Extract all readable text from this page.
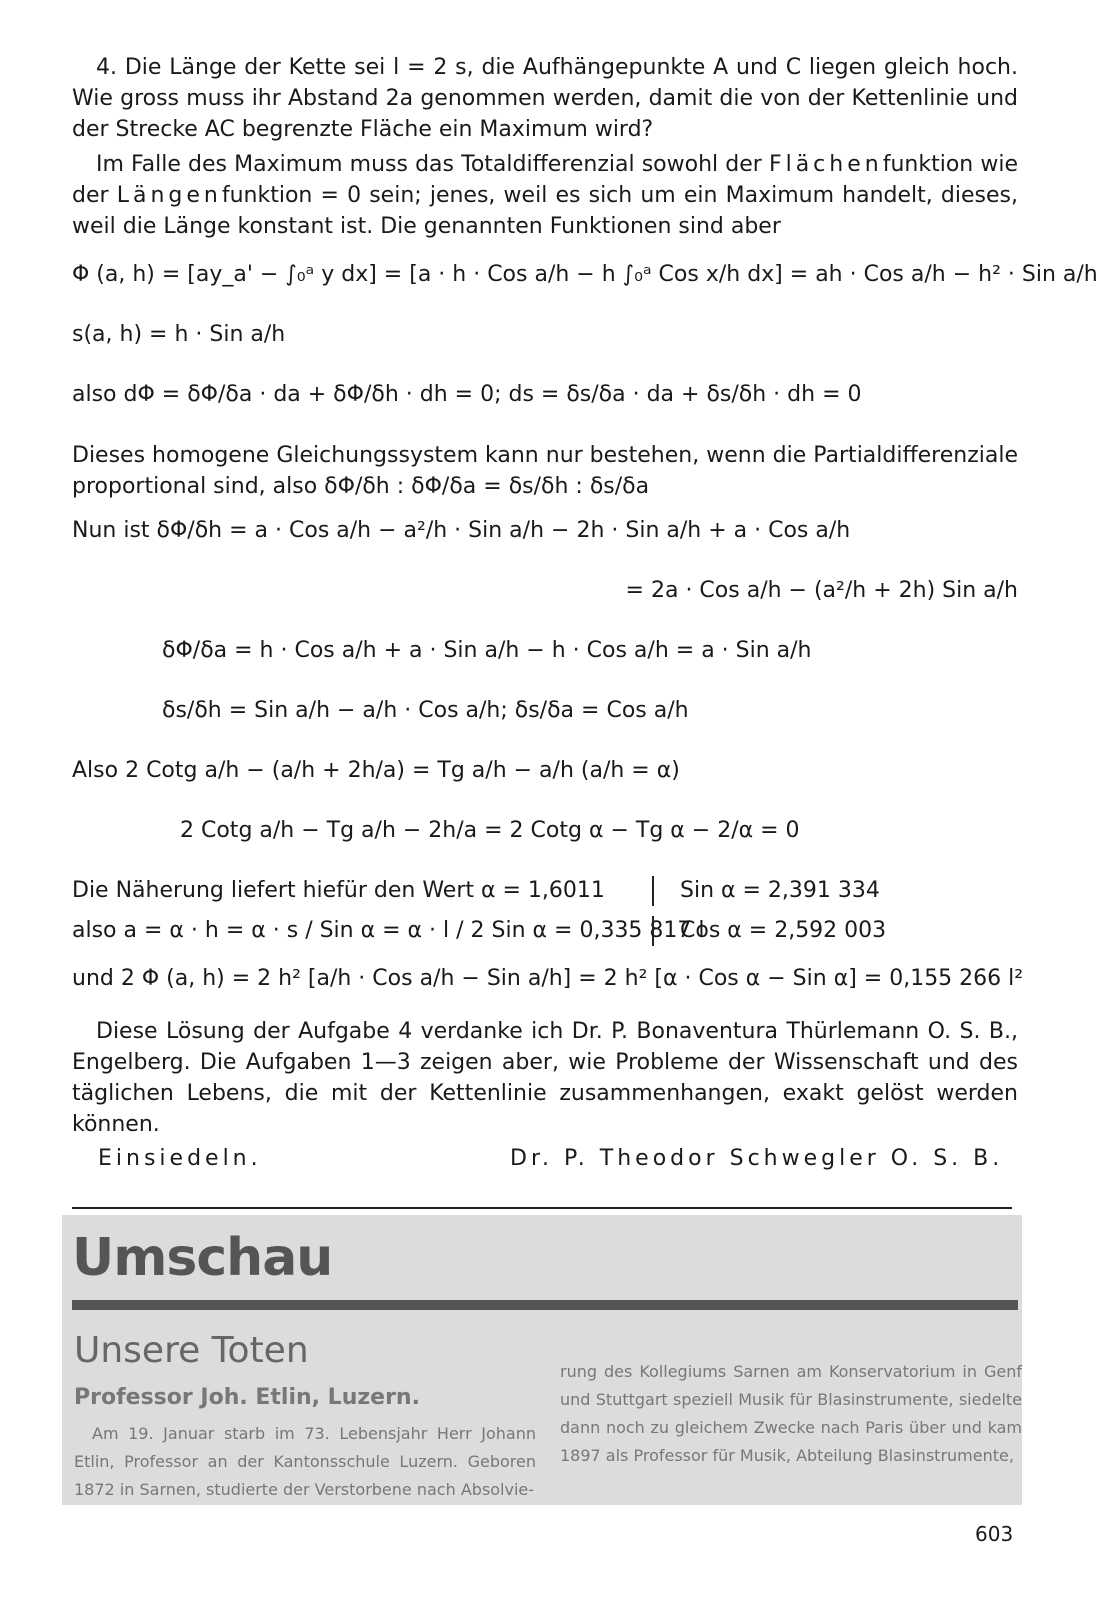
4. Die Länge der Kette sei l = 2 s, die Aufhängepunkte A und C liegen gleich hoch. Wie gross muss ihr Abstand 2a genommen werden, damit die von der Kettenlinie und der Strecke AC begrenzte Fläche ein Maximum wird?

Im Falle des Maximum muss das Totaldifferenzial sowohl der Flächenfunktion wie der Längenfunktion = 0 sein; jenes, weil es sich um ein Maximum handelt, dieses, weil die Länge konstant ist. Die genannten Funktionen sind aber

Φ (a, h) = [ay_a' − ∫₀ᵃ y dx] = [a · h · Cos a/h − h ∫₀ᵃ Cos x/h dx] = ah · Cos a/h − h² · Sin a/h
s(a, h) = h · Sin a/h
also dΦ = δΦ/δa · da + δΦ/δh · dh = 0; ds = δs/δa · da + δs/δh · dh = 0

Dieses homogene Gleichungssystem kann nur bestehen, wenn die Partialdifferenziale proportional sind, also δΦ/δh : δΦ/δa = δs/δh : δs/δa

Nun ist δΦ/δh = a · Cos a/h − a²/h · Sin a/h − 2h · Sin a/h + a · Cos a/h
= 2a · Cos a/h − (a²/h + 2h) Sin a/h
δΦ/δa = h · Cos a/h + a · Sin a/h − h · Cos a/h = a · Sin a/h
δs/δh = Sin a/h − a/h · Cos a/h; δs/δa = Cos a/h
Also 2 Cotg a/h − (a/h + 2h/a) = Tg a/h − a/h (a/h = α)
2 Cotg a/h − Tg a/h − 2h/a = 2 Cotg α − Tg α − 2/α = 0
Die Näherung liefert hiefür den Wert α = 1,6011	Sin α = 2,391 334
also a = α · h = α · s / Sin α = α · l / 2 Sin α = 0,335 817 l
Cos α = 2,592 003
und 2 Φ (a, h) = 2 h² [a/h · Cos a/h − Sin a/h] = 2 h² [α · Cos α − Sin α] = 0,155 266 l²

Diese Lösung der Aufgabe 4 verdanke ich Dr. P. Bonaventura Thürlemann O. S. B., Engelberg. Die Aufgaben 1—3 zeigen aber, wie Probleme der Wissenschaft und des täglichen Lebens, die mit der Kettenlinie zusammenhangen, exakt gelöst werden können.

Einsiedeln.	Dr. P. Theodor Schwegler O. S. B.
Umschau
Unsere Toten
Professor Joh. Etlin, Luzern.
Am 19. Januar starb im 73. Lebensjahr Herr Johann Etlin, Professor an der Kantonsschule Luzern. Geboren 1872 in Sarnen, studierte der Verstorbene nach Absolvie-
rung des Kollegiums Sarnen am Konservatorium in Genf und Stuttgart speziell Musik für Blasinstrumente, siedelte dann noch zu gleichem Zwecke nach Paris über und kam 1897 als Professor für Musik, Abteilung Blasinstrumente,
603
